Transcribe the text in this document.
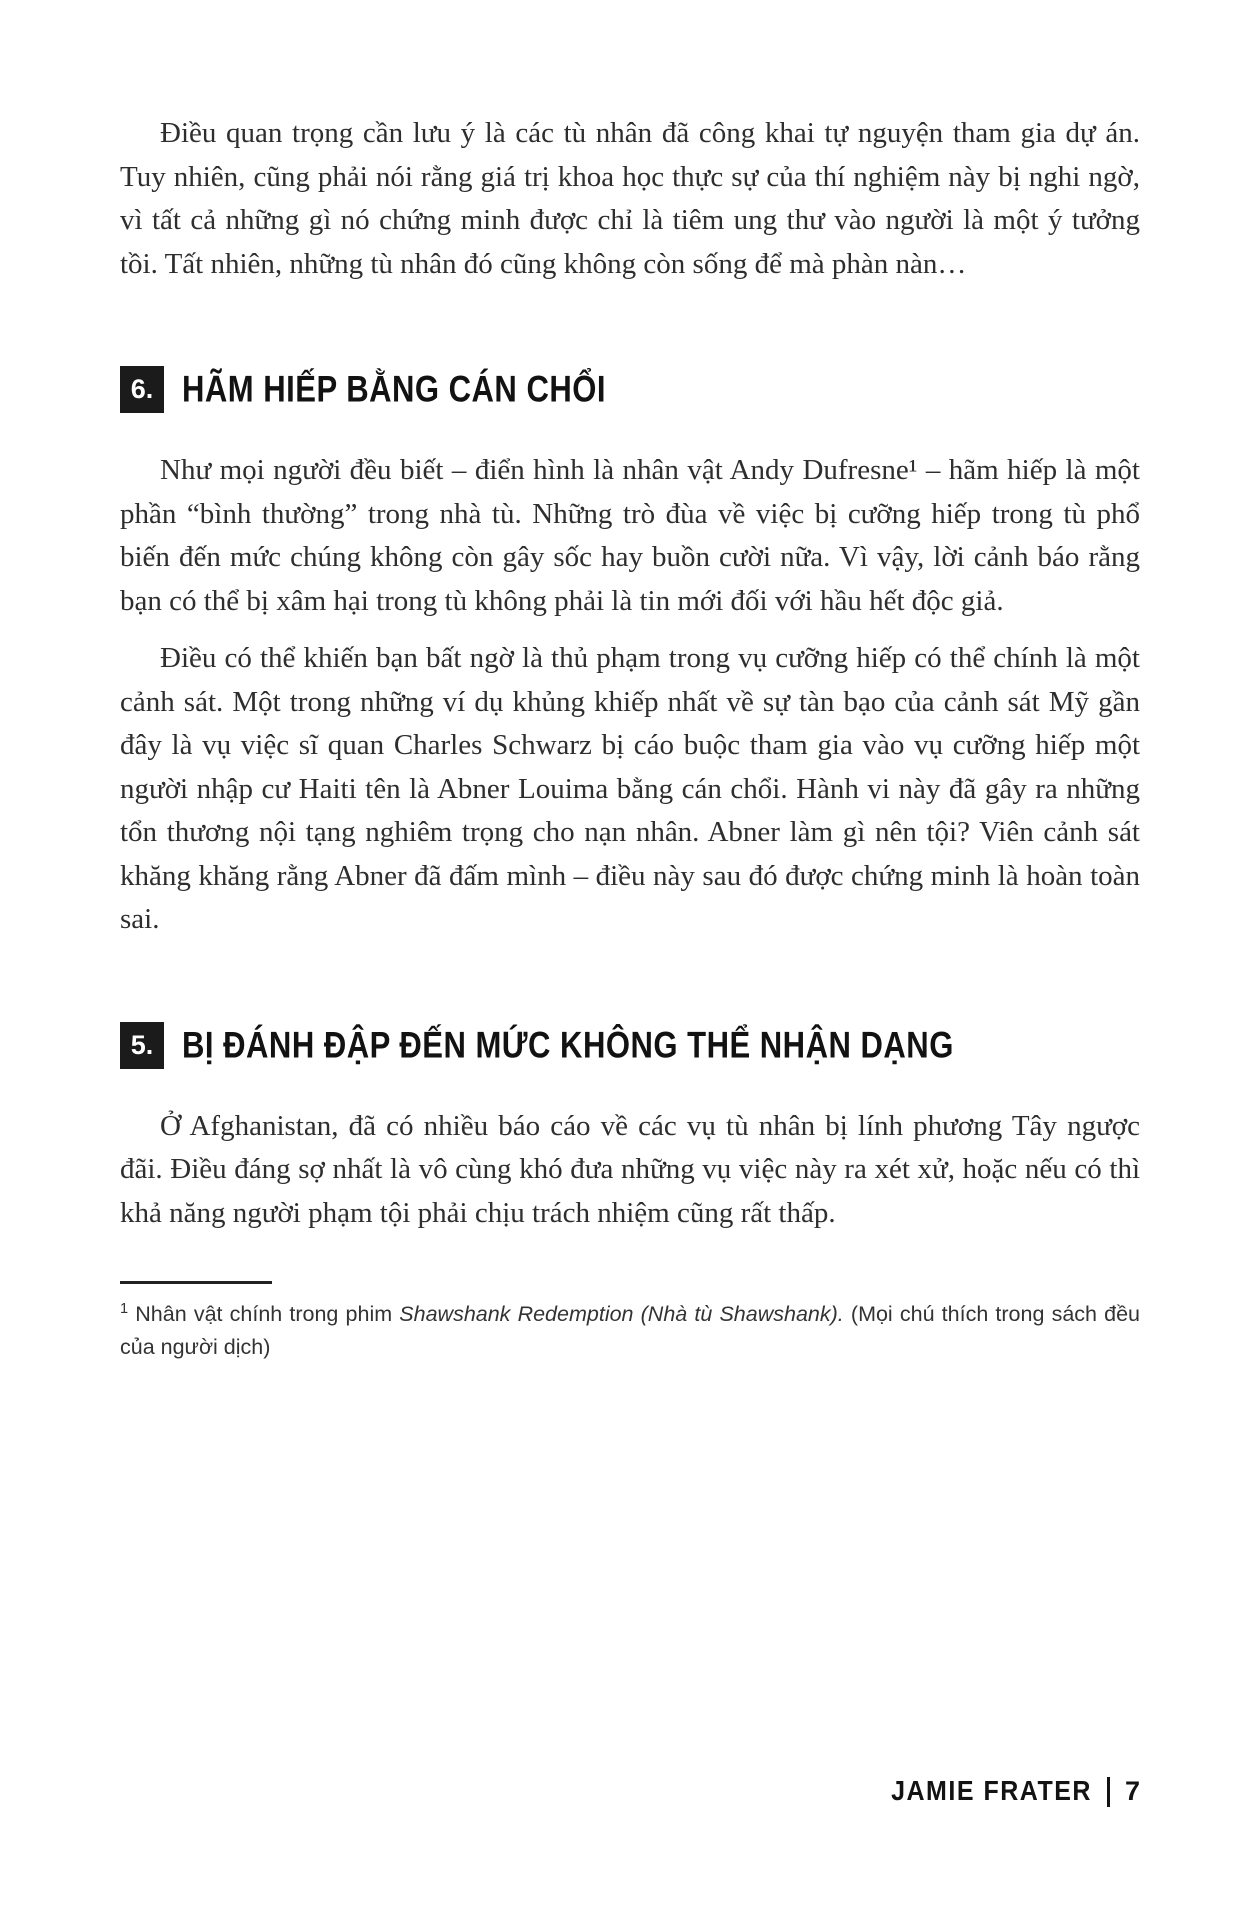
Điều quan trọng cần lưu ý là các tù nhân đã công khai tự nguyện tham gia dự án. Tuy nhiên, cũng phải nói rằng giá trị khoa học thực sự của thí nghiệm này bị nghi ngờ, vì tất cả những gì nó chứng minh được chỉ là tiêm ung thư vào người là một ý tưởng tồi. Tất nhiên, những tù nhân đó cũng không còn sống để mà phàn nàn…

6. HÃM HIẾP BẰNG CÁN CHỔI

Như mọi người đều biết – điển hình là nhân vật Andy Dufresne¹ – hãm hiếp là một phần “bình thường” trong nhà tù. Những trò đùa về việc bị cưỡng hiếp trong tù phổ biến đến mức chúng không còn gây sốc hay buồn cười nữa. Vì vậy, lời cảnh báo rằng bạn có thể bị xâm hại trong tù không phải là tin mới đối với hầu hết độc giả.

Điều có thể khiến bạn bất ngờ là thủ phạm trong vụ cưỡng hiếp có thể chính là một cảnh sát. Một trong những ví dụ khủng khiếp nhất về sự tàn bạo của cảnh sát Mỹ gần đây là vụ việc sĩ quan Charles Schwarz bị cáo buộc tham gia vào vụ cưỡng hiếp một người nhập cư Haiti tên là Abner Louima bằng cán chổi. Hành vi này đã gây ra những tổn thương nội tạng nghiêm trọng cho nạn nhân. Abner làm gì nên tội? Viên cảnh sát khăng khăng rằng Abner đã đấm mình – điều này sau đó được chứng minh là hoàn toàn sai.

5. BỊ ĐÁNH ĐẬP ĐẾN MỨC KHÔNG THỂ NHẬN DẠNG

Ở Afghanistan, đã có nhiều báo cáo về các vụ tù nhân bị lính phương Tây ngược đãi. Điều đáng sợ nhất là vô cùng khó đưa những vụ việc này ra xét xử, hoặc nếu có thì khả năng người phạm tội phải chịu trách nhiệm cũng rất thấp.

$^1$ Nhân vật chính trong phim Shawshank Redemption (Nhà tù Shawshank). (Mọi chú thích trong sách đều của người dịch)
JAMIE FRATER 7
